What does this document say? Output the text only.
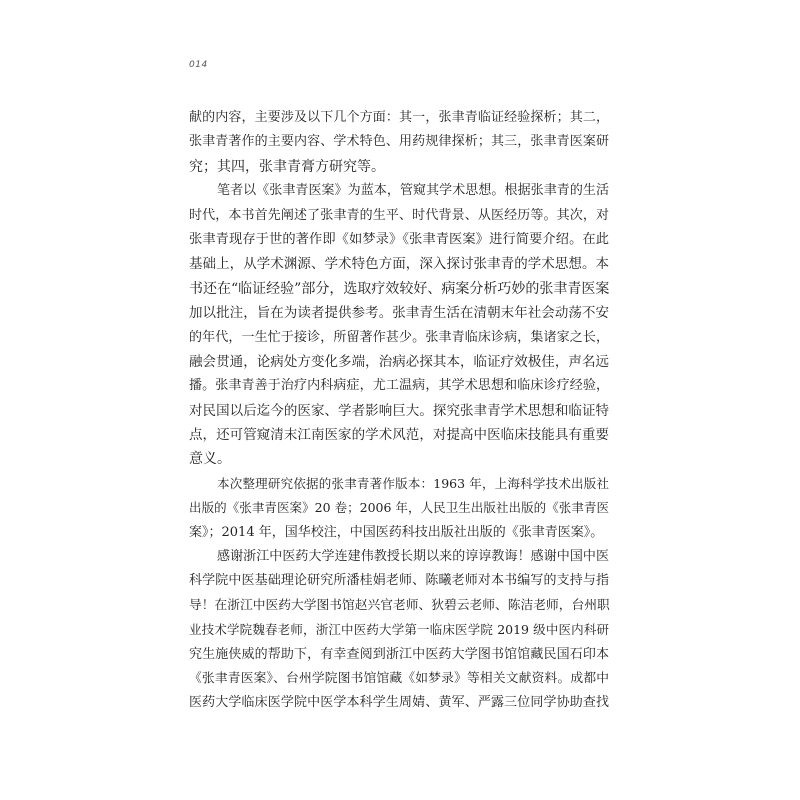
014
献的内容，主要涉及以下几个方面：其一，张聿青临证经验探析；其二，
张聿青著作的主要内容、学术特色、用药规律探析；其三，张聿青医案研
究；其四，张聿青膏方研究等。
笔者以《张聿青医案》为蓝本，管窥其学术思想。根据张聿青的生活
时代，本书首先阐述了张聿青的生平、时代背景、从医经历等。其次，对
张聿青现存于世的著作即《如梦录》《张聿青医案》进行简要介绍。在此
基础上，从学术渊源、学术特色方面，深入探讨张聿青的学术思想。本
书还在“临证经验”部分，选取疗效较好、病案分析巧妙的张聿青医案
加以批注，旨在为读者提供参考。张聿青生活在清朝末年社会动荡不安
的年代，一生忙于接诊，所留著作甚少。张聿青临床诊病，集诸家之长，
融会贯通，论病处方变化多端，治病必探其本，临证疗效极佳，声名远
播。张聿青善于治疗内科病症，尤工温病，其学术思想和临床诊疗经验，
对民国以后迄今的医家、学者影响巨大。探究张聿青学术思想和临证特
点，还可管窥清末江南医家的学术风范，对提高中医临床技能具有重要
意义。
本次整理研究依据的张聿青著作版本：1963 年，上海科学技术出版社
出版的《张聿青医案》20 卷；2006 年，人民卫生出版社出版的《张聿青医
案》；2014 年，国华校注，中国医药科技出版社出版的《张聿青医案》。
感谢浙江中医药大学连建伟教授长期以来的谆谆教诲！感谢中国中医
科学院中医基础理论研究所潘桂娟老师、陈曦老师对本书编写的支持与指
导！在浙江中医药大学图书馆赵兴官老师、狄碧云老师、陈洁老师，台州职
业技术学院魏春老师，浙江中医药大学第一临床医学院 2019 级中医内科研
究生施侠威的帮助下，有幸查阅到浙江中医药大学图书馆馆藏民国石印本
《张聿青医案》、台州学院图书馆馆藏《如梦录》等相关文献资料。成都中
医药大学临床医学院中医学本科学生周婧、黄军、严露三位同学协助查找
